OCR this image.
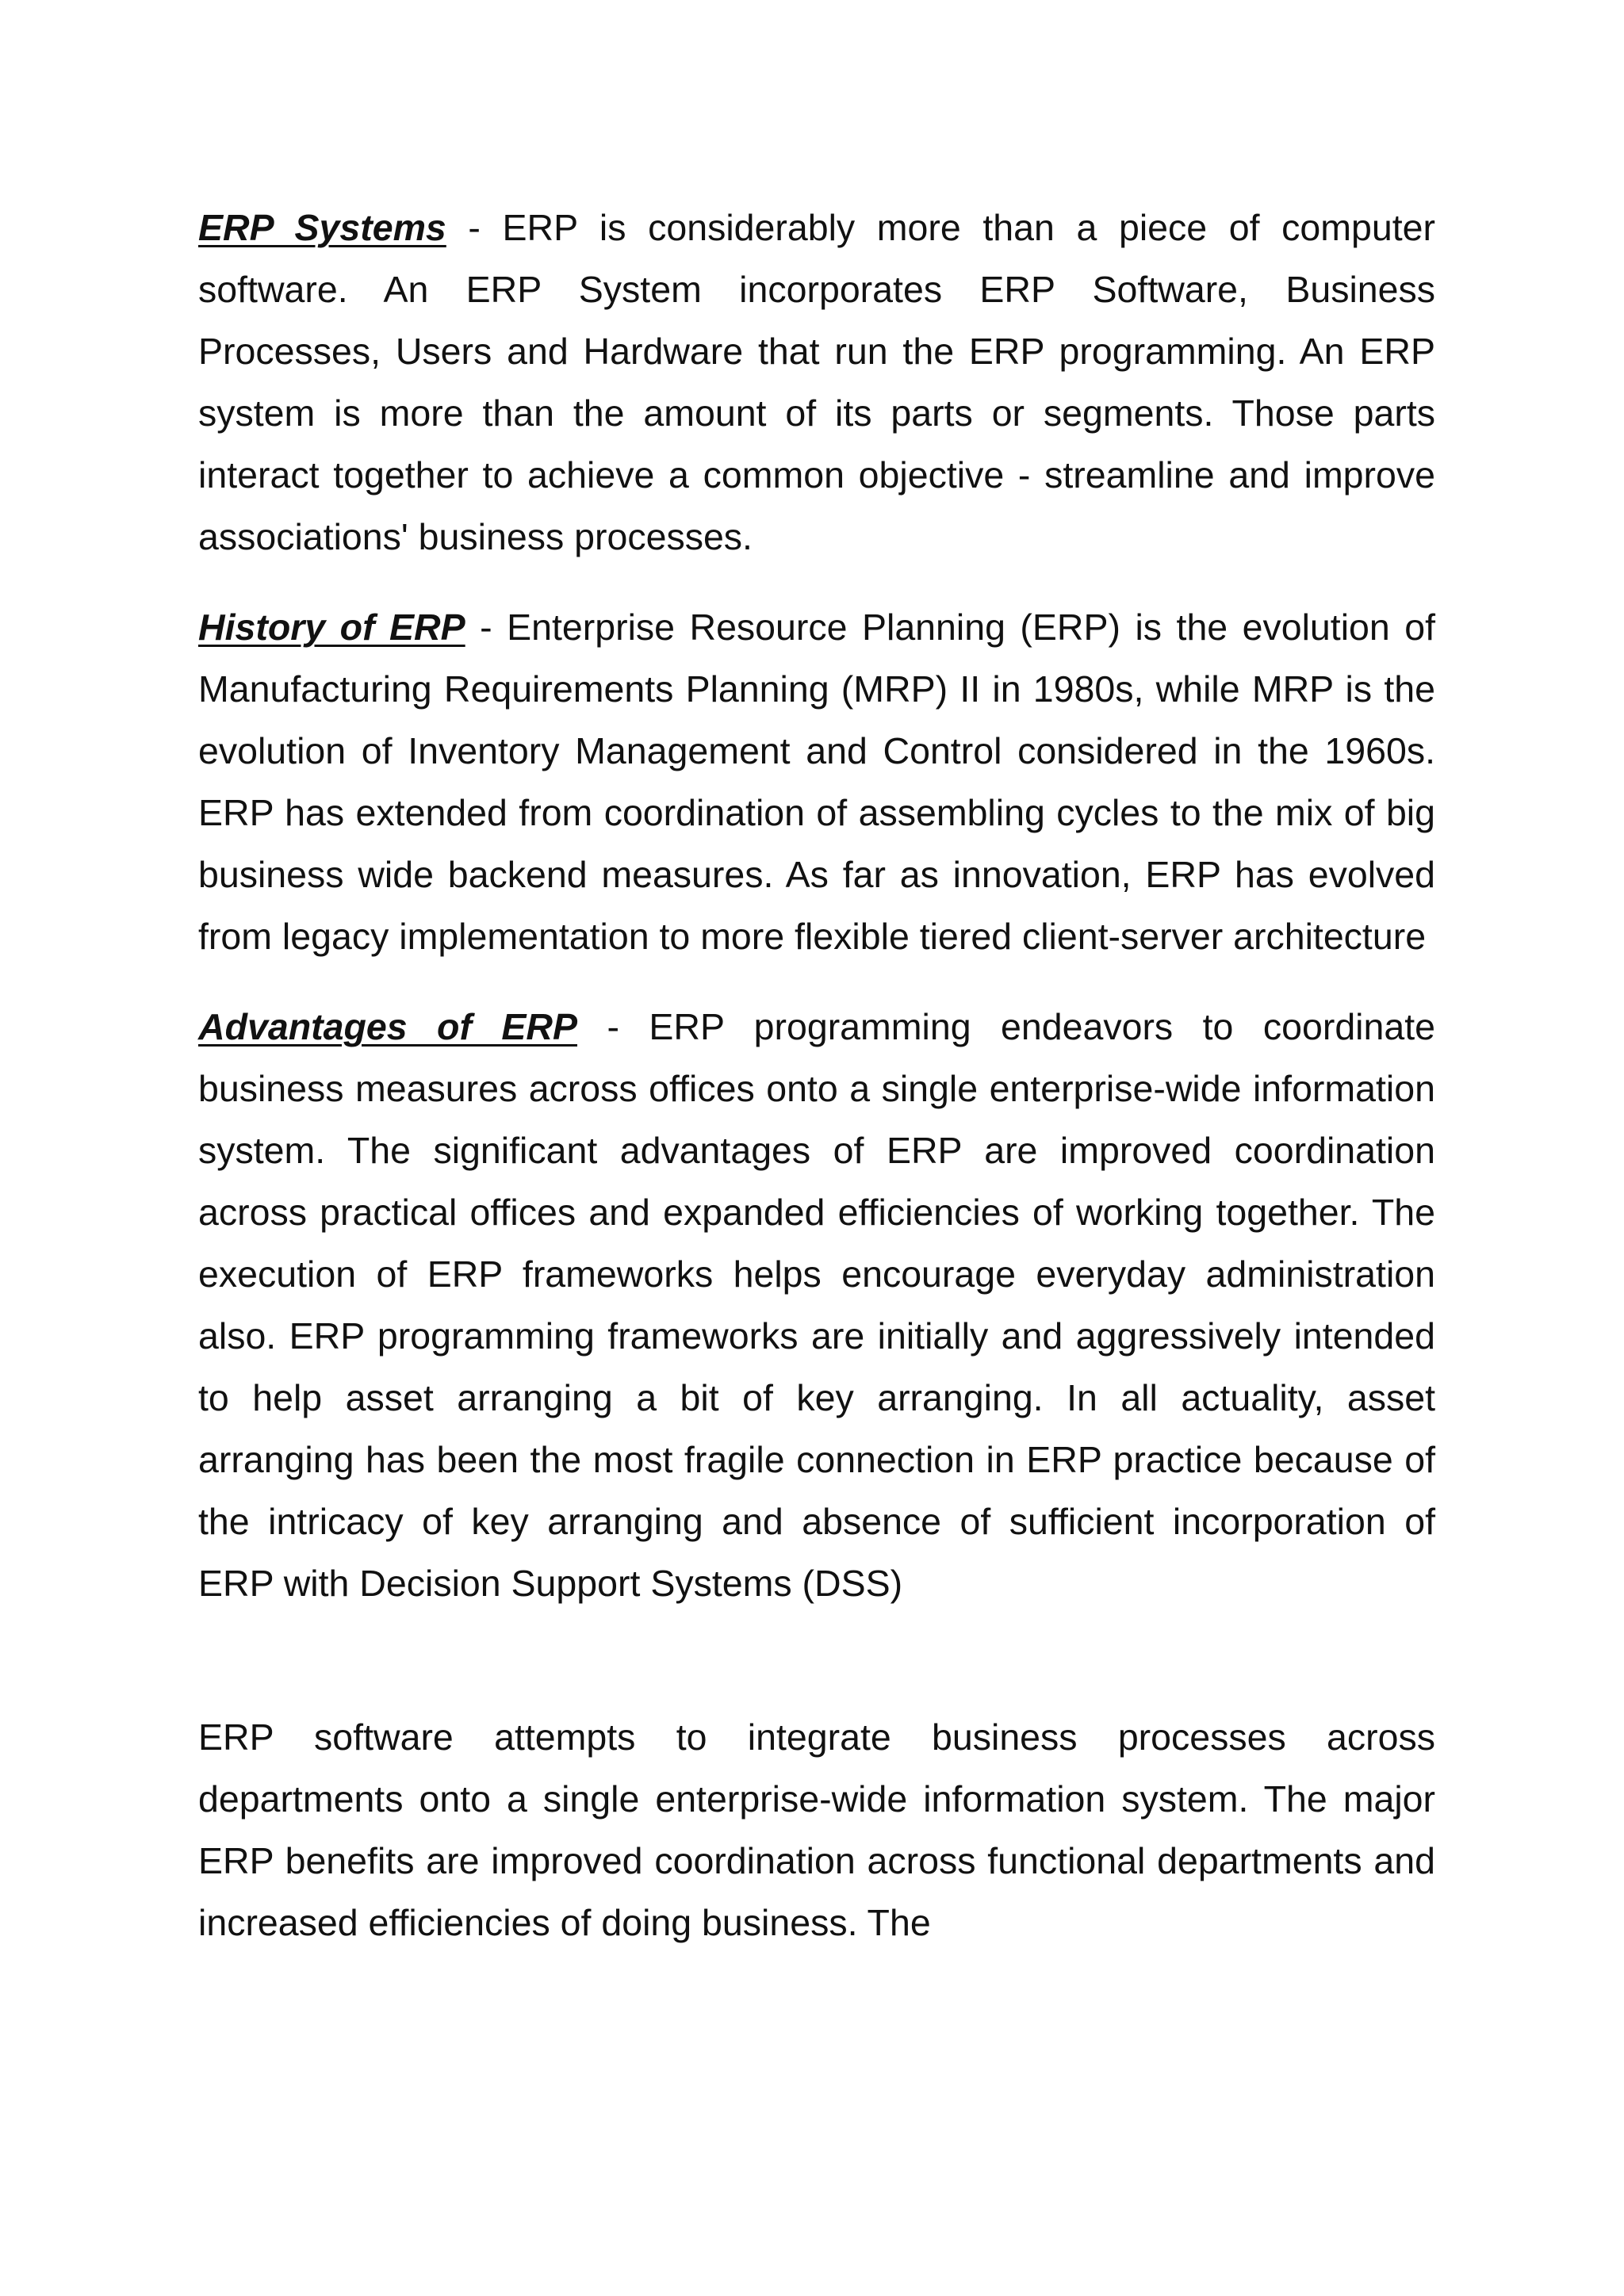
ERP Systems - ERP is considerably more than a piece of computer software. An ERP System incorporates ERP Software, Business Processes, Users and Hardware that run the ERP programming. An ERP system is more than the amount of its parts or segments. Those parts interact together to achieve a common objective - streamline and improve associations' business processes.

History of ERP - Enterprise Resource Planning (ERP) is the evolution of Manufacturing Requirements Planning (MRP) II in 1980s, while MRP is the evolution of Inventory Management and Control considered in the 1960s. ERP has extended from coordination of assembling cycles to the mix of big business wide backend measures. As far as innovation, ERP has evolved from legacy implementation to more flexible tiered client-server architecture

Advantages of ERP - ERP programming endeavors to coordinate business measures across offices onto a single enterprise-wide information system. The significant advantages of ERP are improved coordination across practical offices and expanded efficiencies of working together. The execution of ERP frameworks helps encourage everyday administration also. ERP programming frameworks are initially and aggressively intended to help asset arranging a bit of key arranging. In all actuality, asset arranging has been the most fragile connection in ERP practice because of the intricacy of key arranging and absence of sufficient incorporation of ERP with Decision Support Systems (DSS)

ERP software attempts to integrate business processes across departments onto a single enterprise-wide information system. The major ERP benefits are improved coordination across functional departments and increased efficiencies of doing business. The
